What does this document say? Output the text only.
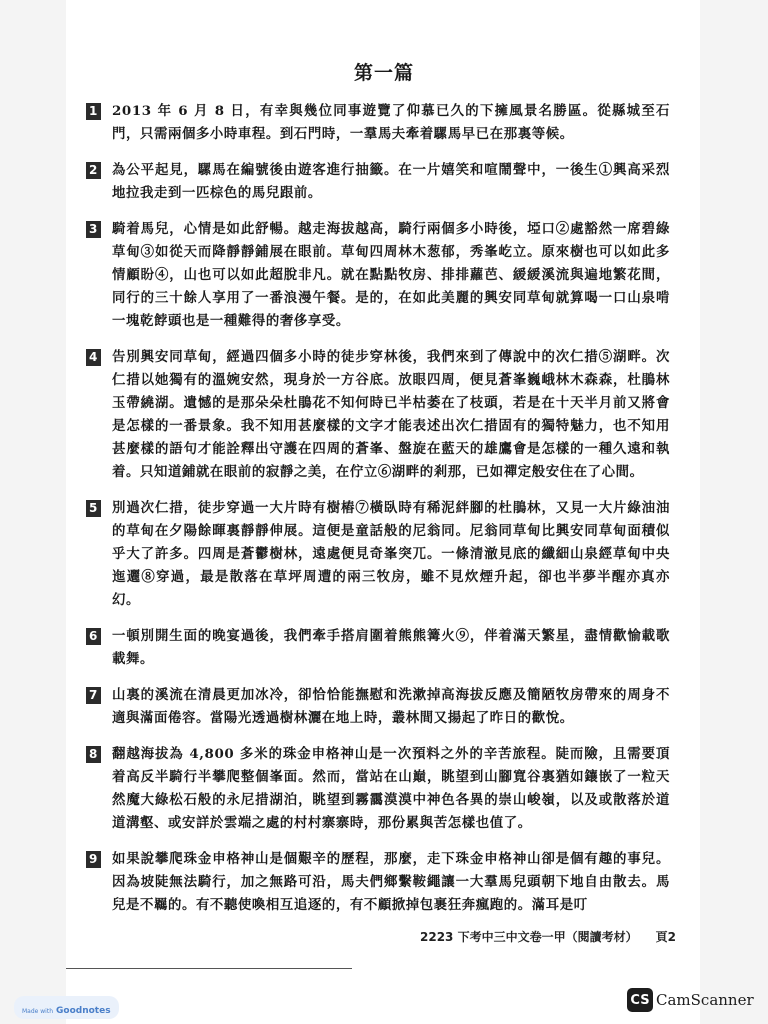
第一篇
1 2013 年 6 月 8 日，有幸與幾位同事遊覽了仰慕已久的下擁風景名勝區。從縣城至石門，只需兩個多小時車程。到石門時，一羣馬夫牽着騾馬早已在那裏等候。
2 為公平起見，騾馬在編號後由遊客進行抽籤。在一片嬉笑和喧鬧聲中，一後生①興高采烈地拉我走到一匹棕色的馬兒跟前。
3 騎着馬兒，心情是如此舒暢。越走海拔越高，騎行兩個多小時後，埡口②處豁然一席碧綠草甸③如從天而降靜靜鋪展在眼前。草甸四周林木葱郁，秀峯屹立。原來樹也可以如此多情顧盼④，山也可以如此超脫非凡。就在點點牧房、排排蘿芭、緩緩溪流與遍地繁花間，同行的三十餘人享用了一番浪漫午餐。是的，在如此美麗的興安同草甸就算喝一口山泉啃一塊乾餑頭也是一種難得的奢侈享受。
4 告別興安同草甸，經過四個多小時的徒步穿林後，我們來到了傳說中的次仁措⑤湖畔。次仁措以她獨有的溫婉安然，現身於一方谷底。放眼四周，便見蒼峯巍峨林木森森，杜鵑林玉帶繞湖。遺憾的是那朵朵杜鵑花不知何時已半枯萎在了枝頭，若是在十天半月前又將會是怎樣的一番景象。我不知用甚麼樣的文字才能表述出次仁措固有的獨特魅力，也不知用甚麼樣的語句才能詮釋出守護在四周的蒼峯、盤旋在藍天的雄鷹會是怎樣的一種久遠和執着。只知道鋪就在眼前的寂靜之美，在佇立⑥湖畔的剎那，已如禪定般安住在了心間。
5 別過次仁措，徒步穿過一大片時有樹樁⑦橫臥時有稀泥絆腳的杜鵑林，又見一大片綠油油的草甸在夕陽餘暉裏靜靜伸展。這便是童話般的尼翁同。尼翁同草甸比興安同草甸面積似乎大了許多。四周是蒼鬱樹林，遠處便見奇峯突兀。一條清澈見底的纖細山泉經草甸中央迤邐⑧穿過，最是散落在草坪周遭的兩三牧房，雖不見炊煙升起，卻也半夢半醒亦真亦幻。
6 一頓別開生面的晚宴過後，我們牽手搭肩圍着熊熊篝火⑨，伴着滿天繁星，盡情歡愉載歌載舞。
7 山裏的溪流在清晨更加冰冷，卻恰恰能撫慰和洗漱掉高海拔反應及簡陋牧房帶來的周身不適與滿面倦容。當陽光透過樹林灑在地上時，叢林間又揚起了昨日的歡悅。
8 翻越海拔為 4,800 多米的珠金申格神山是一次預料之外的辛苦旅程。陡而險，且需要頂着高反半騎行半攀爬整個峯面。然而，當站在山巔，眺望到山腳寬谷裏猶如鑲嵌了一粒天然魔大綠松石般的永尼措湖泊，眺望到霧靄漠漠中神色各異的崇山峻嶺，以及或散落於道道溝壑、或安詳於雲端之處的村村寨寨時，那份累與苦怎樣也值了。
9 如果說攀爬珠金申格神山是個艱辛的歷程，那麼，走下珠金申格神山卻是個有趣的事兒。因為坡陡無法騎行，加之無路可沿，馬夫們鄉繫鞍繩讓一大羣馬兒頭朝下地自由散去。馬兒是不羈的。有不聽使喚相互追逐的，有不顧掀掉包裹狂奔瘋跑的。滿耳是叮
2223 下考中三中文卷一甲（閱讀考材） 頁2
Made with Goodnotes
CS CamScanner
